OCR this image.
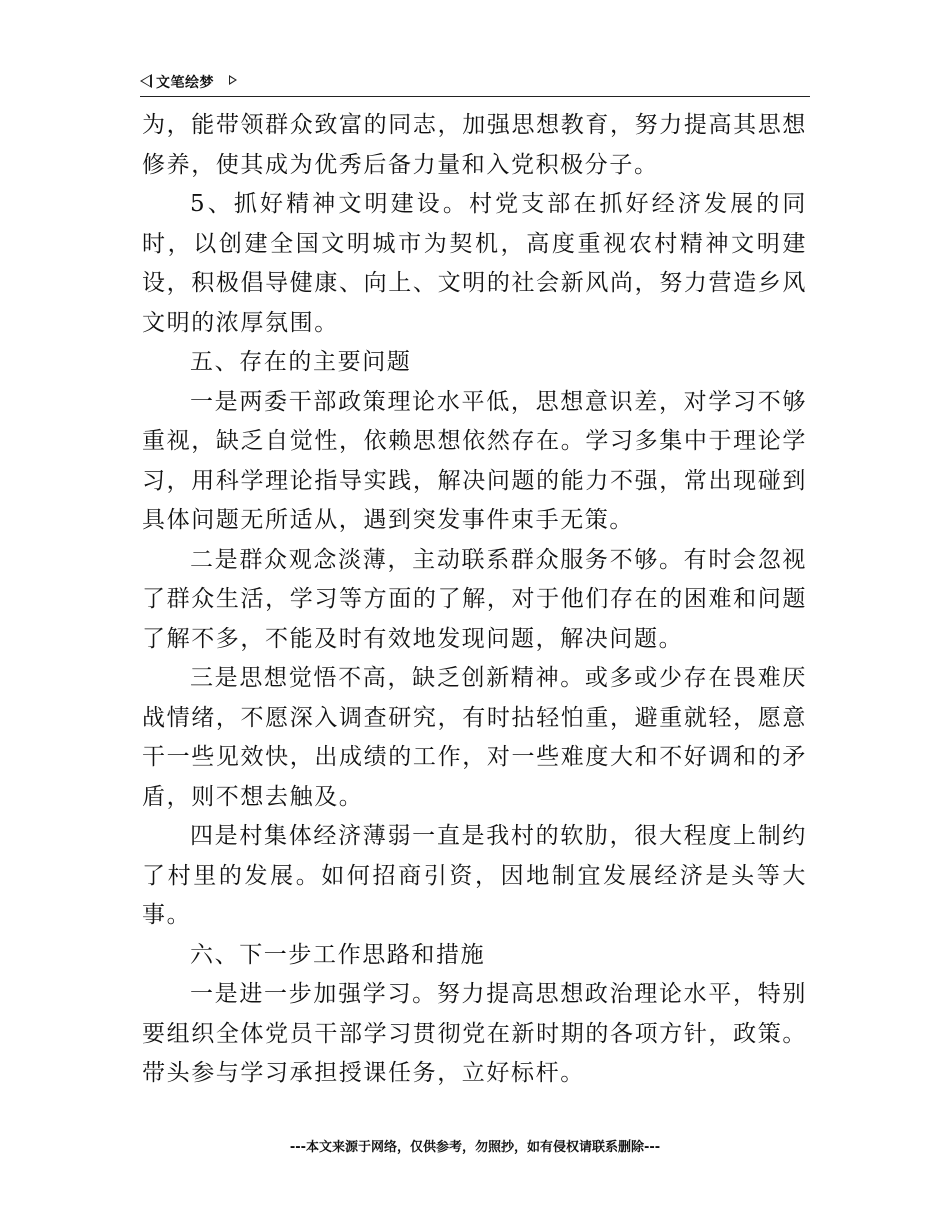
文笔绘梦

为，能带领群众致富的同志，加强思想教育，努力提高其思想修养，使其成为优秀后备力量和入党积极分子。

5、抓好精神文明建设。村党支部在抓好经济发展的同时，以创建全国文明城市为契机，高度重视农村精神文明建设，积极倡导健康、向上、文明的社会新风尚，努力营造乡风文明的浓厚氛围。

五、存在的主要问题

一是两委干部政策理论水平低，思想意识差，对学习不够重视，缺乏自觉性，依赖思想依然存在。学习多集中于理论学习，用科学理论指导实践，解决问题的能力不强，常出现碰到具体问题无所适从，遇到突发事件束手无策。

二是群众观念淡薄，主动联系群众服务不够。有时会忽视了群众生活，学习等方面的了解，对于他们存在的困难和问题了解不多，不能及时有效地发现问题，解决问题。

三是思想觉悟不高，缺乏创新精神。或多或少存在畏难厌战情绪，不愿深入调查研究，有时拈轻怕重，避重就轻，愿意干一些见效快，出成绩的工作，对一些难度大和不好调和的矛盾，则不想去触及。

四是村集体经济薄弱一直是我村的软肋，很大程度上制约了村里的发展。如何招商引资，因地制宜发展经济是头等大事。

六、下一步工作思路和措施

一是进一步加强学习。努力提高思想政治理论水平，特别要组织全体党员干部学习贯彻党在新时期的各项方针，政策。带头参与学习承担授课任务，立好标杆。

---本文来源于网络，仅供参考，勿照抄，如有侵权请联系删除---
